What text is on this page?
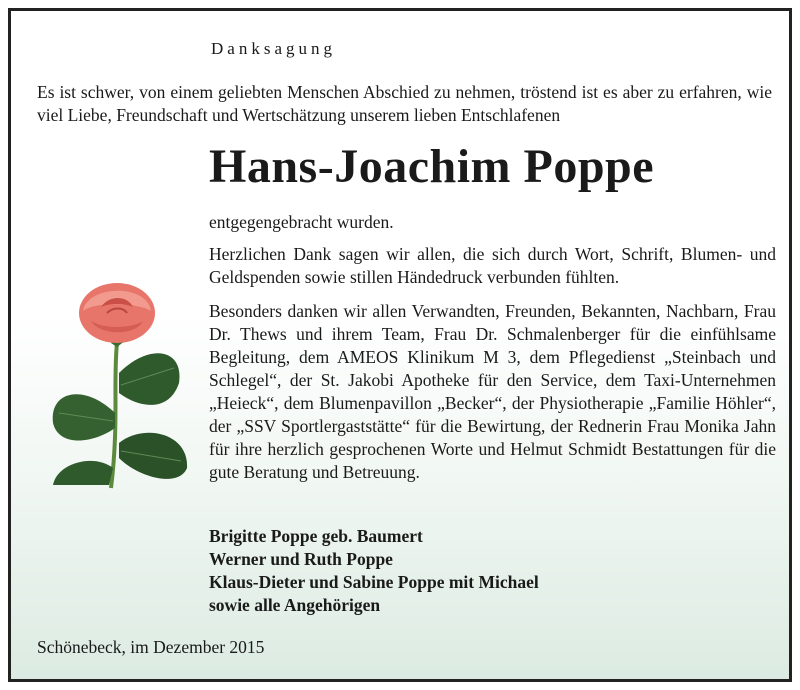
Danksagung
Es ist schwer, von einem geliebten Menschen Abschied zu nehmen, tröstend ist es aber zu erfahren, wie viel Liebe, Freundschaft und Wertschätzung unserem lieben Entschlafenen
Hans-Joachim Poppe
entgegengebracht wurden.
Herzlichen Dank sagen wir allen, die sich durch Wort, Schrift, Blumen- und Geldspenden sowie stillen Händedruck verbunden fühlten.
Besonders danken wir allen Verwandten, Freunden, Bekannten, Nachbarn, Frau Dr. Thews und ihrem Team, Frau Dr. Schmalenberger für die einfühlsame Begleitung, dem AMEOS Klinikum M 3, dem Pflegedienst „Steinbach und Schlegel“, der St. Jakobi Apotheke für den Service, dem Taxi-Unternehmen „Heieck“, dem Blumenpavillon „Becker“, der Physiotherapie „Familie Höhler“, der „SSV Sportlergaststätte“ für die Bewirtung, der Rednerin Frau Monika Jahn für ihre herzlich gesprochenen Worte und Helmut Schmidt Bestattungen für die gute Beratung und Betreuung.
Brigitte Poppe geb. Baumert
Werner und Ruth Poppe
Klaus-Dieter und Sabine Poppe mit Michael
sowie alle Angehörigen
Schönebeck, im Dezember 2015
